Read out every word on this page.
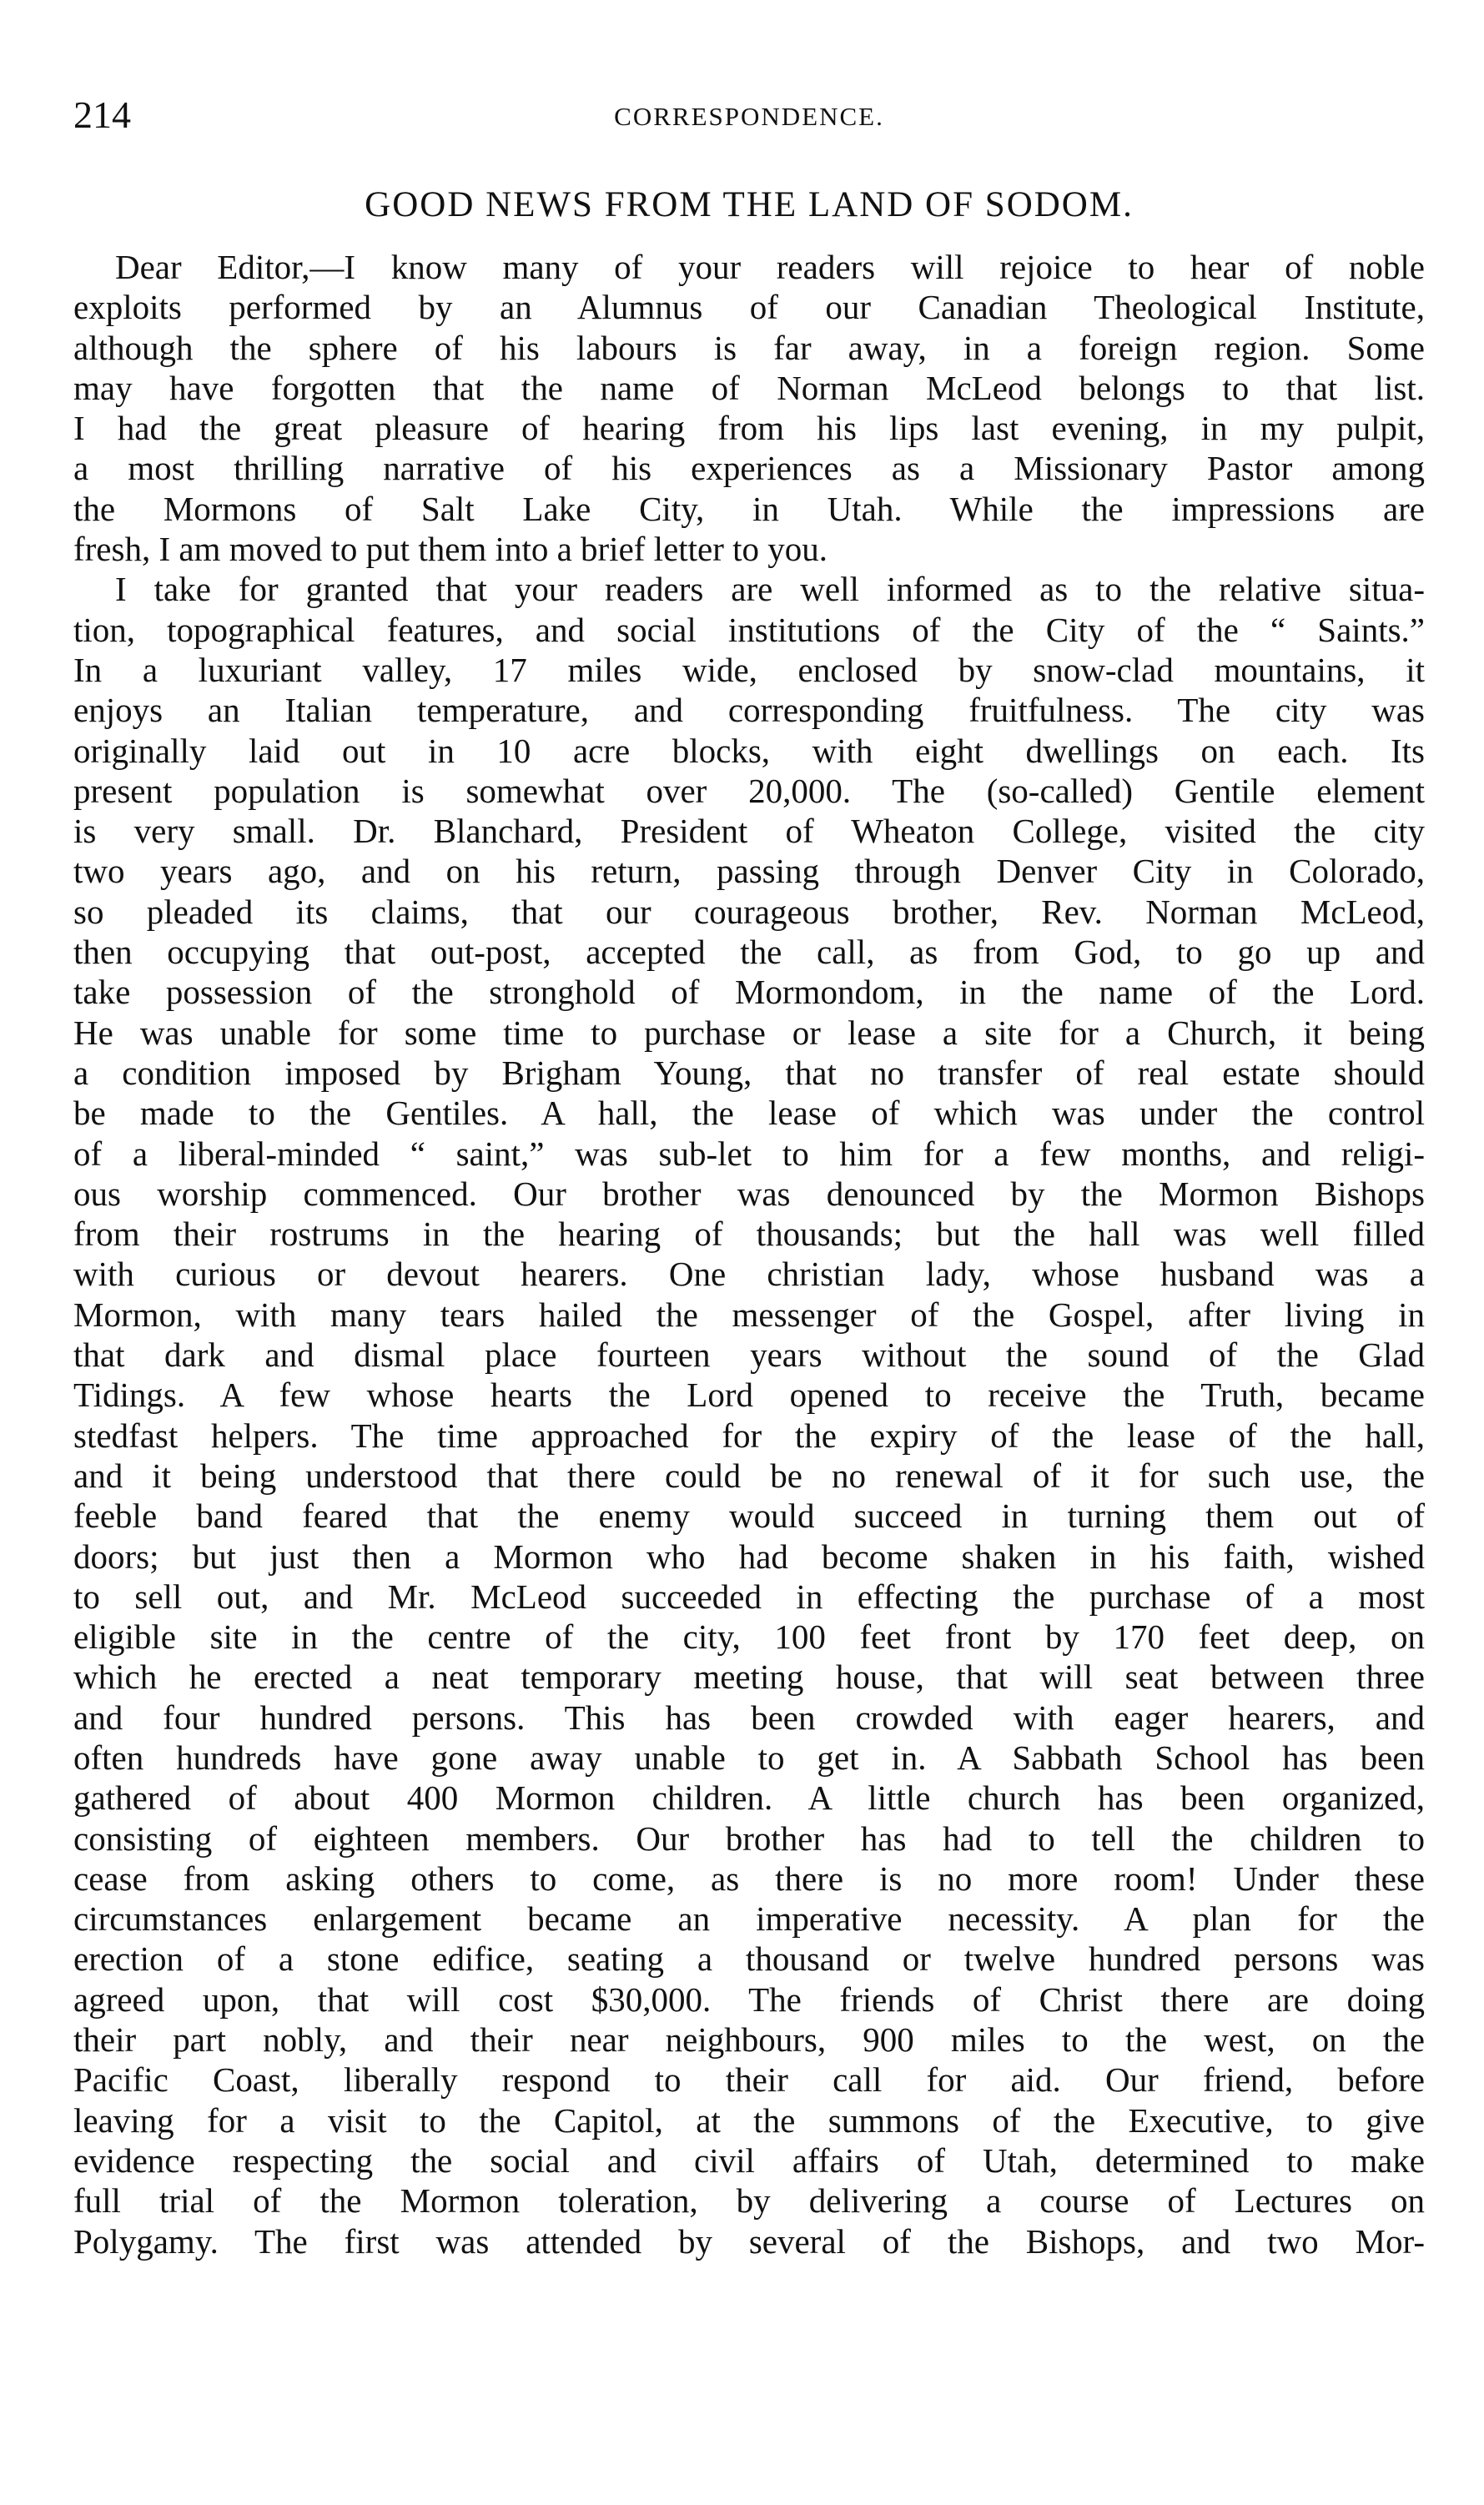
214	CORRESPONDENCE.
GOOD NEWS FROM THE LAND OF SODOM.
Dear Editor,—I know many of your readers will rejoice to hear of noble
exploits performed by an Alumnus of our Canadian Theological Institute,
although the sphere of his labours is far away, in a foreign region. Some
may have forgotten that the name of Norman McLeod belongs to that list.
I had the great pleasure of hearing from his lips last evening, in my pulpit,
a most thrilling narrative of his experiences as a Missionary Pastor among
the Mormons of Salt Lake City, in Utah. While the impressions are
fresh, I am moved to put them into a brief letter to you.
I take for granted that your readers are well informed as to the relative situa-
tion, topographical features, and social institutions of the City of the “ Saints.”
In a luxuriant valley, 17 miles wide, enclosed by snow-clad mountains, it
enjoys an Italian temperature, and corresponding fruitfulness. The city was
originally laid out in 10 acre blocks, with eight dwellings on each. Its
present population is somewhat over 20,000. The (so-called) Gentile element
is very small. Dr. Blanchard, President of Wheaton College, visited the city
two years ago, and on his return, passing through Denver City in Colorado,
so pleaded its claims, that our courageous brother, Rev. Norman McLeod,
then occupying that out-post, accepted the call, as from God, to go up and
take possession of the stronghold of Mormondom, in the name of the Lord.
He was unable for some time to purchase or lease a site for a Church, it being
a condition imposed by Brigham Young, that no transfer of real estate should
be made to the Gentiles. A hall, the lease of which was under the control
of a liberal-minded “ saint,” was sub-let to him for a few months, and religi-
ous worship commenced. Our brother was denounced by the Mormon Bishops
from their rostrums in the hearing of thousands; but the hall was well filled
with curious or devout hearers. One christian lady, whose husband was a
Mormon, with many tears hailed the messenger of the Gospel, after living in
that dark and dismal place fourteen years without the sound of the Glad
Tidings. A few whose hearts the Lord opened to receive the Truth, became
stedfast helpers. The time approached for the expiry of the lease of the hall,
and it being understood that there could be no renewal of it for such use, the
feeble band feared that the enemy would succeed in turning them out of
doors; but just then a Mormon who had become shaken in his faith, wished
to sell out, and Mr. McLeod succeeded in effecting the purchase of a most
eligible site in the centre of the city, 100 feet front by 170 feet deep, on
which he erected a neat temporary meeting house, that will seat between three
and four hundred persons. This has been crowded with eager hearers, and
often hundreds have gone away unable to get in. A Sabbath School has been
gathered of about 400 Mormon children. A little church has been organized,
consisting of eighteen members. Our brother has had to tell the children to
cease from asking others to come, as there is no more room! Under these
circumstances enlargement became an imperative necessity. A plan for the
erection of a stone edifice, seating a thousand or twelve hundred persons was
agreed upon, that will cost $30,000. The friends of Christ there are doing
their part nobly, and their near neighbours, 900 miles to the west, on the
Pacific Coast, liberally respond to their call for aid. Our friend, before
leaving for a visit to the Capitol, at the summons of the Executive, to give
evidence respecting the social and civil affairs of Utah, determined to make
full trial of the Mormon toleration, by delivering a course of Lectures on
Polygamy. The first was attended by several of the Bishops, and two Mor-
